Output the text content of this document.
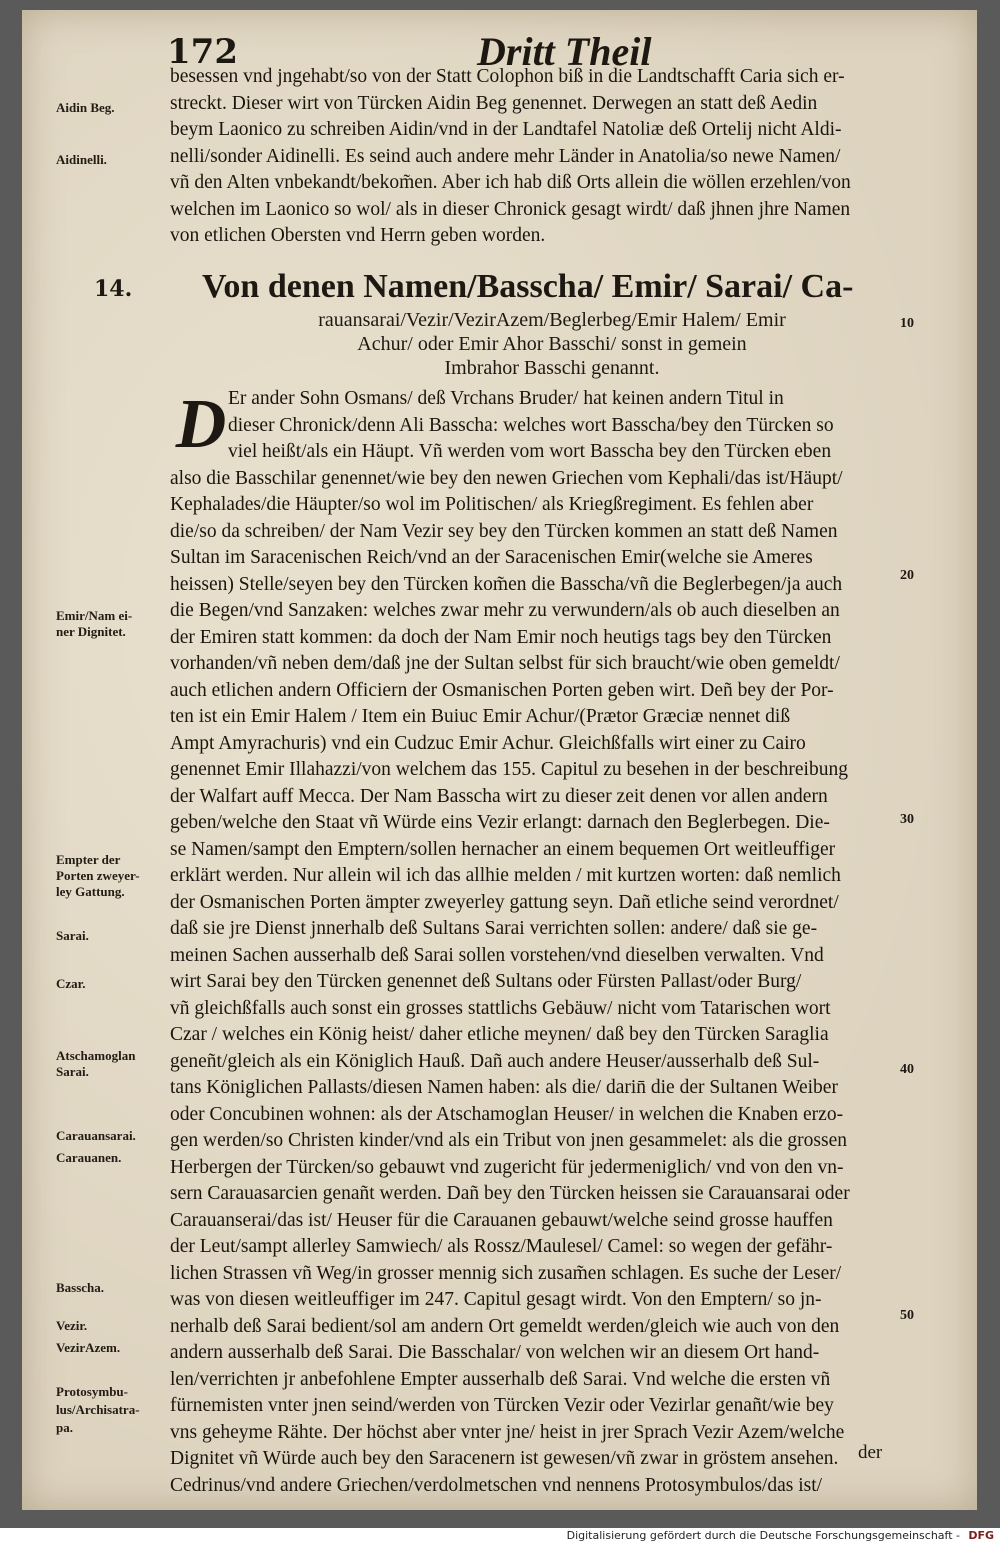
172	Dritt Theil
Aidin Beg.
Aidinelli.
Emir/Nam ei-
ner Dignitet.
Empter der
Porten zweyer-
ley Gattung.
Sarai.
Czar.
Atschamoglan
Sarai.
Carauansarai.
Carauanen.
Basscha.
Vezir.
VezirAzem.
Protosymbu-
lus/Archisatra-
pa.
10
20
30
40
50
14.
besessen vnd jngehabt/so von der Statt Colophon biß in die Landtschafft Caria sich er-
streckt. Dieser wirt von Türcken Aidin Beg genennet. Derwegen an statt deß Aedin
beym Laonico zu schreiben Aidin/vnd in der Landtafel Natoliæ deß Ortelij nicht Aldi-
nelli/sonder Aidinelli. Es seind auch andere mehr Länder in Anatolia/so newe Namen/
vñ den Alten vnbekandt/bekom̃en. Aber ich hab diß Orts allein die wöllen erzehlen/von
welchen im Laonico so wol/ als in dieser Chronick gesagt wirdt/ daß jhnen jhre Namen
von etlichen Obersten vnd Herrn geben worden.
Von denen Namen/Basscha/ Emir/ Sarai/ Ca-
rauansarai/Vezir/VezirAzem/Beglerbeg/Emir Halem/ Emir
Achur/ oder Emir Ahor Basschi/ sonst in gemein
Imbrahor Basschi genannt.
D Er ander Sohn Osmans/ deß Vrchans Bruder/ hat keinen andern Titul in
dieser Chronick/denn Ali Basscha: welches wort Basscha/bey den Türcken so
viel heißt/als ein Häupt. Vñ werden vom wort Basscha bey den Türcken eben
also die Basschilar genennet/wie bey den newen Griechen vom Kephali/das ist/Häupt/
Kephalades/die Häupter/so wol im Politischen/ als Kriegßregiment. Es fehlen aber
die/so da schreiben/ der Nam Vezir sey bey den Türcken kommen an statt deß Namen
Sultan im Saracenischen Reich/vnd an der Saracenischen Emir(welche sie Ameres
heissen) Stelle/seyen bey den Türcken kom̃en die Basscha/vñ die Beglerbegen/ja auch
die Begen/vnd Sanzaken: welches zwar mehr zu verwundern/als ob auch dieselben an
der Emiren statt kommen: da doch der Nam Emir noch heutigs tags bey den Türcken
vorhanden/vñ neben dem/daß jne der Sultan selbst für sich braucht/wie oben gemeldt/
auch etlichen andern Officiern der Osmanischen Porten geben wirt. Deñ bey der Por-
ten ist ein Emir Halem / Item ein Buiuc Emir Achur/(Prætor Græciæ nennet diß
Ampt Amyrachuris) vnd ein Cudzuc Emir Achur. Gleichßfalls wirt einer zu Cairo
genennet Emir Illahazzi/von welchem das 155. Capitul zu besehen in der beschreibung
der Walfart auff Mecca. Der Nam Basscha wirt zu dieser zeit denen vor allen andern
geben/welche den Staat vñ Würde eins Vezir erlangt: darnach den Beglerbegen. Die-
se Namen/sampt den Emptern/sollen hernacher an einem bequemen Ort weitleuffiger
erklärt werden. Nur allein wil ich das allhie melden / mit kurtzen worten: daß nemlich
der Osmanischen Porten ämpter zweyerley gattung seyn. Dañ etliche seind verordnet/
daß sie jre Dienst jnnerhalb deß Sultans Sarai verrichten sollen: andere/ daß sie ge-
meinen Sachen ausserhalb deß Sarai sollen vorstehen/vnd dieselben verwalten. Vnd
wirt Sarai bey den Türcken genennet deß Sultans oder Fürsten Pallast/oder Burg/
vñ gleichßfalls auch sonst ein grosses stattlichs Gebäuw/ nicht vom Tatarischen wort
Czar / welches ein König heist/ daher etliche meynen/ daß bey den Türcken Saraglia
geneñt/gleich als ein Königlich Hauß. Dañ auch andere Heuser/ausserhalb deß Sul-
tans Königlichen Pallasts/diesen Namen haben: als die/ darin̄ die der Sultanen Weiber
oder Concubinen wohnen: als der Atschamoglan Heuser/ in welchen die Knaben erzo-
gen werden/so Christen kinder/vnd als ein Tribut von jnen gesammelet: als die grossen
Herbergen der Türcken/so gebauwt vnd zugericht für jedermeniglich/ vnd von den vn-
sern Carauasarcien genañt werden. Dañ bey den Türcken heissen sie Carauansarai oder
Carauanserai/das ist/ Heuser für die Carauanen gebauwt/welche seind grosse hauffen
der Leut/sampt allerley Samwiech/ als Rossz/Maulesel/ Camel: so wegen der gefähr-
lichen Strassen vñ Weg/in grosser mennig sich zusam̃en schlagen. Es suche der Leser/
was von diesen weitleuffiger im 247. Capitul gesagt wirdt. Von den Emptern/ so jn-
nerhalb deß Sarai bedient/sol am andern Ort gemeldt werden/gleich wie auch von den
andern ausserhalb deß Sarai. Die Basschalar/ von welchen wir an diesem Ort hand-
len/verrichten jr anbefohlene Empter ausserhalb deß Sarai. Vnd welche die ersten vñ
fürnemisten vnter jnen seind/werden von Türcken Vezir oder Vezirlar genañt/wie bey
vns geheyme Rähte. Der höchst aber vnter jne/ heist in jrer Sprach Vezir Azem/welche
Dignitet vñ Würde auch bey den Saracenern ist gewesen/vñ zwar in gröstem ansehen.
Cedrinus/vnd andere Griechen/verdolmetschen vnd nennens Protosymbulos/das ist/
der
Digitalisierung gefördert durch die Deutsche Forschungsgemeinschaft - DFG
